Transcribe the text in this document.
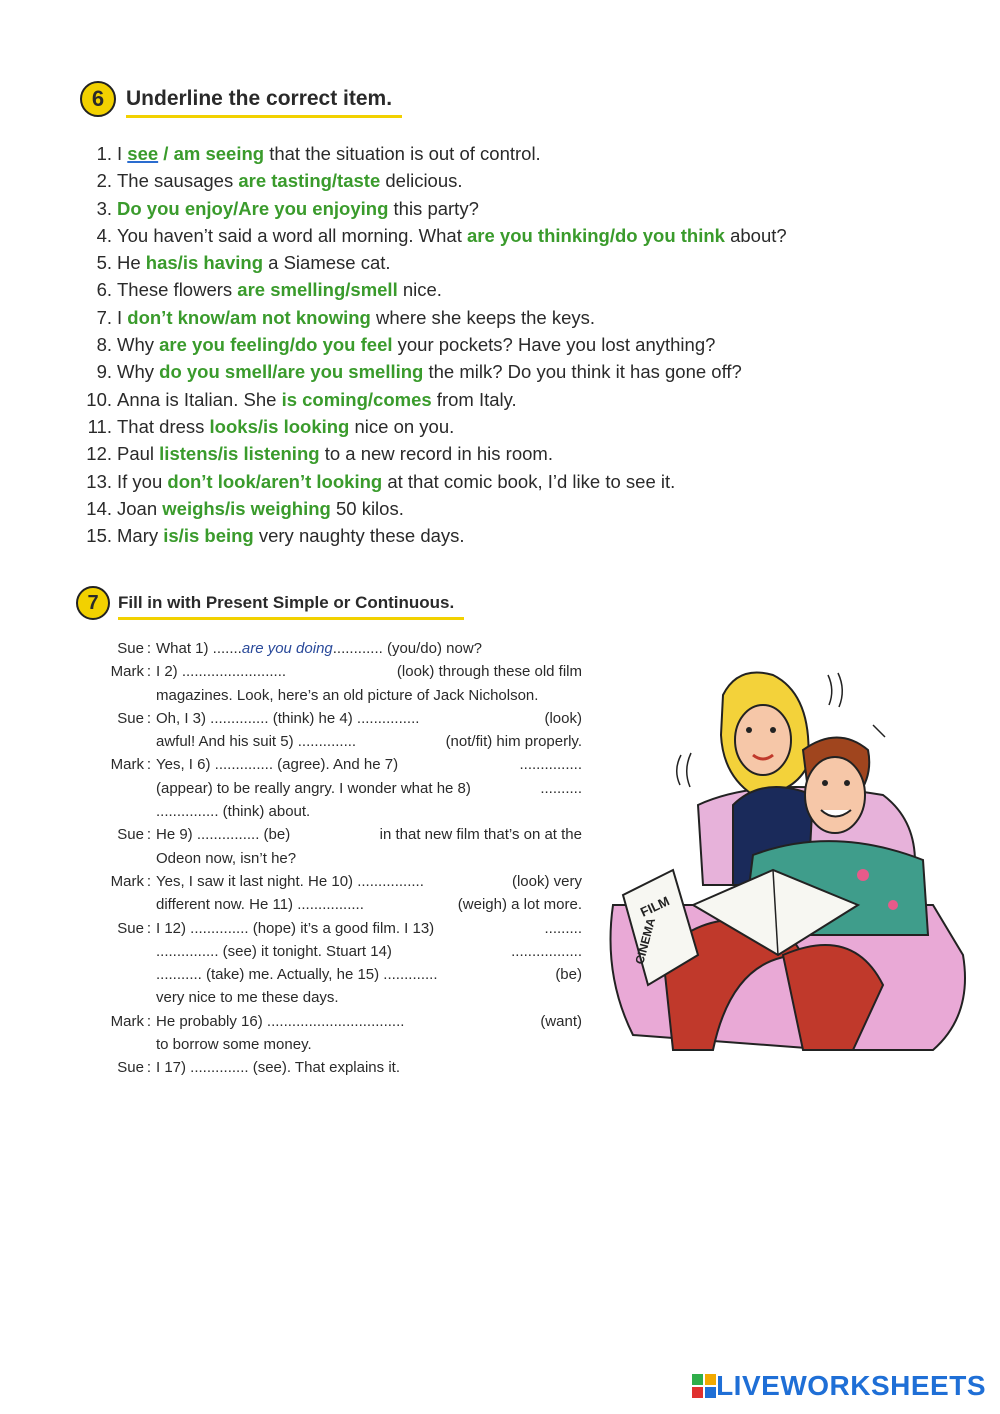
6	Underline the correct item.
1. I see / am seeing that the situation is out of control.
2. The sausages are tasting/taste delicious.
3. Do you enjoy/Are you enjoying this party?
4. You haven’t said a word all morning. What are you thinking/do you think about?
5. He has/is having a Siamese cat.
6. These flowers are smelling/smell nice.
7. I don’t know/am not knowing where she keeps the keys.
8. Why are you feeling/do you feel your pockets? Have you lost anything?
9. Why do you smell/are you smelling the milk? Do you think it has gone off?
10. Anna is Italian. She is coming/comes from Italy.
11. That dress looks/is looking nice on you.
12. Paul listens/is listening to a new record in his room.
13. If you don’t look/aren’t looking at that comic book, I’d like to see it.
14. Joan weighs/is weighing 50 kilos.
15. Mary is/is being very naughty these days.
7	Fill in with Present Simple or Continuous.
Sue : What 1) .......are you doing............ (you/do) now?
Mark : I 2) .........................	(look) through these old film
magazines. Look, here’s an old picture of Jack Nicholson.
Sue : Oh, I 3) .............. (think) he 4) ...............	(look)
awful! And his suit 5) ..............	(not/fit) him properly.
Mark : Yes, I 6) .............. (agree). And he 7)	...............
(appear) to be really angry. I wonder what he 8)	..........
............... (think) about.
Sue : He 9) ............... (be)	in that new film that’s on at the
Odeon now, isn’t he?
Mark : Yes, I saw it last night. He 10) ................	(look) very
different now. He 11) ................	(weigh) a lot more.
Sue : I 12) .............. (hope) it’s a good film. I 13)	.........
............... (see) it tonight. Stuart 14)	.................
........... (take) me. Actually, he 15) .............	(be)
very nice to me these days.
Mark : He probably 16) .................................	(want)
to borrow some money.
Sue : I 17) .............. (see). That explains it.
FILM
CINEMA
LIVEWORKSHEETS
